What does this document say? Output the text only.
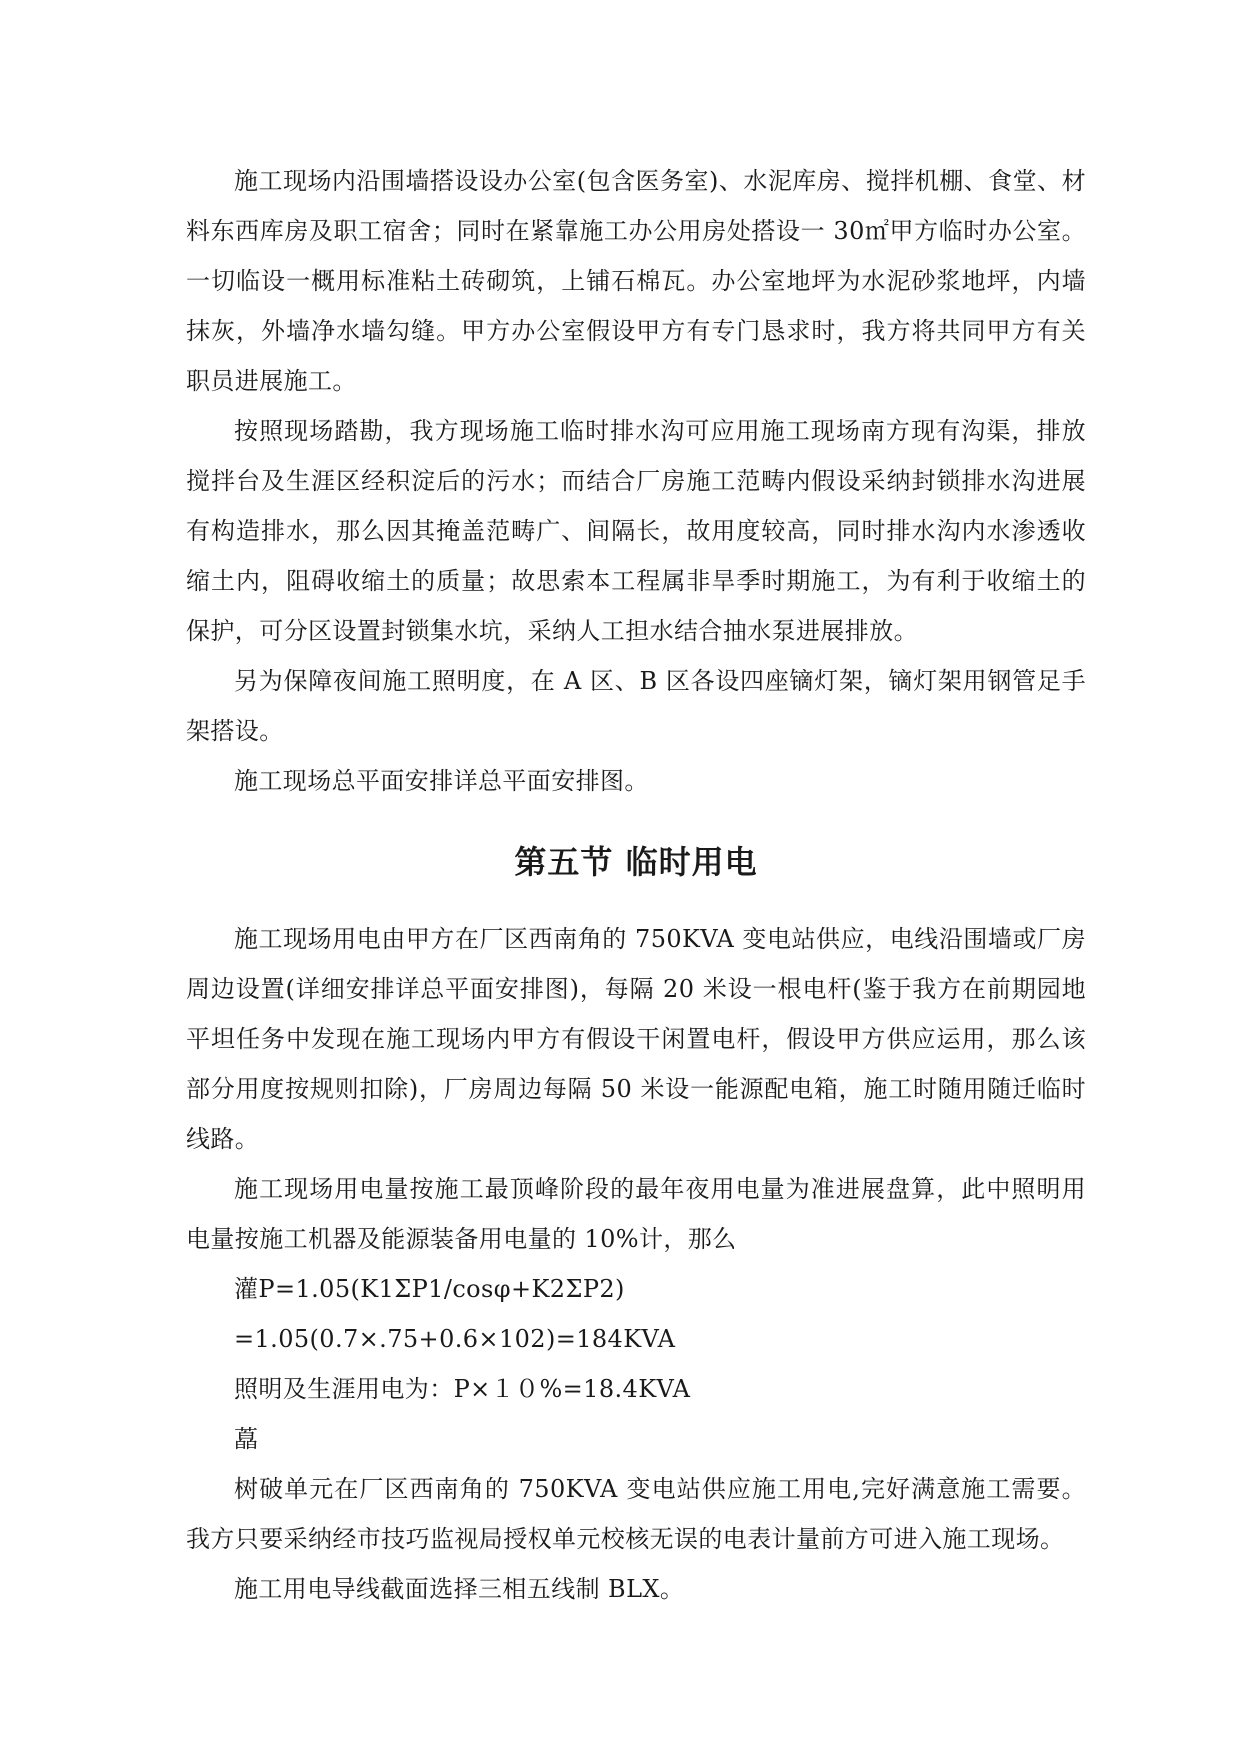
施工现场内沿围墙搭设设办公室(包含医务室)、水泥库房、搅拌机棚、食堂、材料东西库房及职工宿舍；同时在紧靠施工办公用房处搭设一 30㎡甲方临时办公室。一切临设一概用标准粘土砖砌筑，上铺石棉瓦。办公室地坪为水泥砂浆地坪，内墙抹灰，外墙净水墙勾缝。甲方办公室假设甲方有专门恳求时，我方将共同甲方有关职员进展施工。

按照现场踏勘，我方现场施工临时排水沟可应用施工现场南方现有沟渠，排放搅拌台及生涯区经积淀后的污水；而结合厂房施工范畴内假设采纳封锁排水沟进展有构造排水，那么因其掩盖范畴广、间隔长，故用度较高，同时排水沟内水渗透收缩土内，阻碍收缩土的质量；故思索本工程属非旱季时期施工，为有利于收缩土的保护，可分区设置封锁集水坑，采纳人工担水结合抽水泵进展排放。

另为保障夜间施工照明度，在 A 区、B 区各设四座镝灯架，镝灯架用钢管足手架搭设。

施工现场总平面安排详总平面安排图。

第五节 临时用电

施工现场用电由甲方在厂区西南角的 750KVA 变电站供应，电线沿围墙或厂房周边设置(详细安排详总平面安排图)，每隔 20 米设一根电杆(鉴于我方在前期园地平坦任务中发现在施工现场内甲方有假设干闲置电杆，假设甲方供应运用，那么该部分用度按规则扣除)，厂房周边每隔 50 米设一能源配电箱，施工时随用随迁临时线路。

施工现场用电量按施工最顶峰阶段的最年夜用电量为准进展盘算，此中照明用电量按施工机器及能源装备用电量的 10%计，那么

灌P=1.05(K1ΣP1/cosφ+K2ΣP2)

=1.05(0.7×.75+0.6×102)=184KVA

照明及生涯用电为：P×１０%=18.4KVA

藠

树破单元在厂区西南角的 750KVA 变电站供应施工用电,完好满意施工需要。我方只要采纳经市技巧监视局授权单元校核无误的电表计量前方可进入施工现场。

施工用电导线截面选择三相五线制 BLX。
